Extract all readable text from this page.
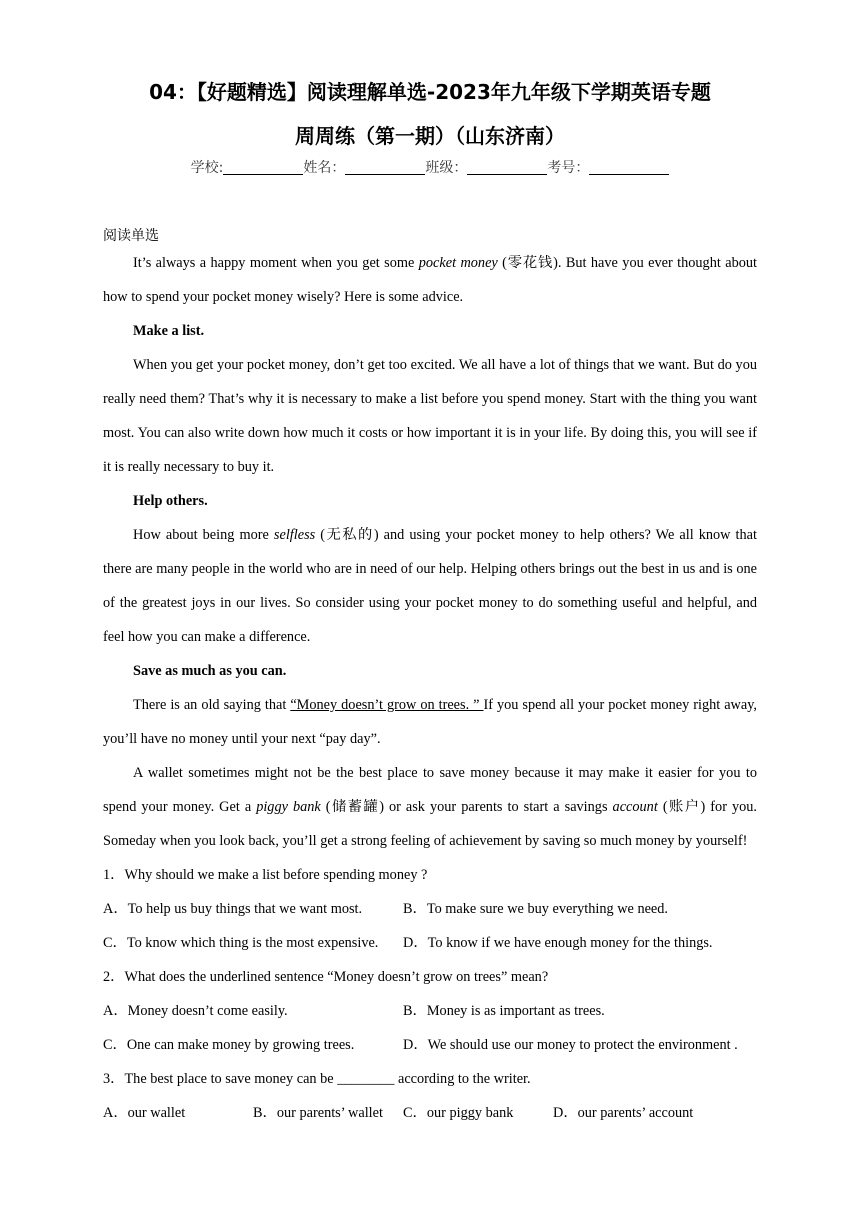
04：【好题精选】阅读理解单选-2023年九年级下学期英语专题
周周练（第一期）（山东济南）
学校:	姓名：	班级：	考号：
阅读单选

It’s always a happy moment when you get some pocket money (零花钱). But have you ever thought about how to spend your pocket money wisely? Here is some advice.

Make a list.

When you get your pocket money, don’t get too excited. We all have a lot of things that we want. But do you really need them? That’s why it is necessary to make a list before you spend money. Start with the thing you want most. You can also write down how much it costs or how important it is in your life. By doing this, you will see if it is really necessary to buy it.

Help others.

How about being more selfless (无私的) and using your pocket money to help others? We all know that there are many people in the world who are in need of our help. Helping others brings out the best in us and is one of the greatest joys in our lives. So consider using your pocket money to do something useful and helpful, and feel how you can make a difference.

Save as much as you can.

There is an old saying that “Money doesn’t grow on trees. ” If you spend all your pocket money right away, you’ll have no money until your next “pay day”.

A wallet sometimes might not be the best place to save money because it may make it easier for you to spend your money. Get a piggy bank (储蓄罐) or ask your parents to start a savings account (账户) for you. Someday when you look back, you’ll get a strong feeling of achievement by saving so much money by yourself!

1．Why should we make a list before spending money ?

A．To help us buy things that we want most.	B．To make sure we buy everything we need.
C．To know which thing is the most expensive.	D．To know if we have enough money for the things.

2．What does the underlined sentence “Money doesn’t grow on trees” mean?

A．Money doesn’t come easily.	B．Money is as important as trees.
C．One can make money by growing trees.	D．We should use our money to protect the environment .

3．The best place to save money can be ________ according to the writer.

A．our wallet	B．our parents’ wallet	C．our piggy bank	D．our parents’ account
